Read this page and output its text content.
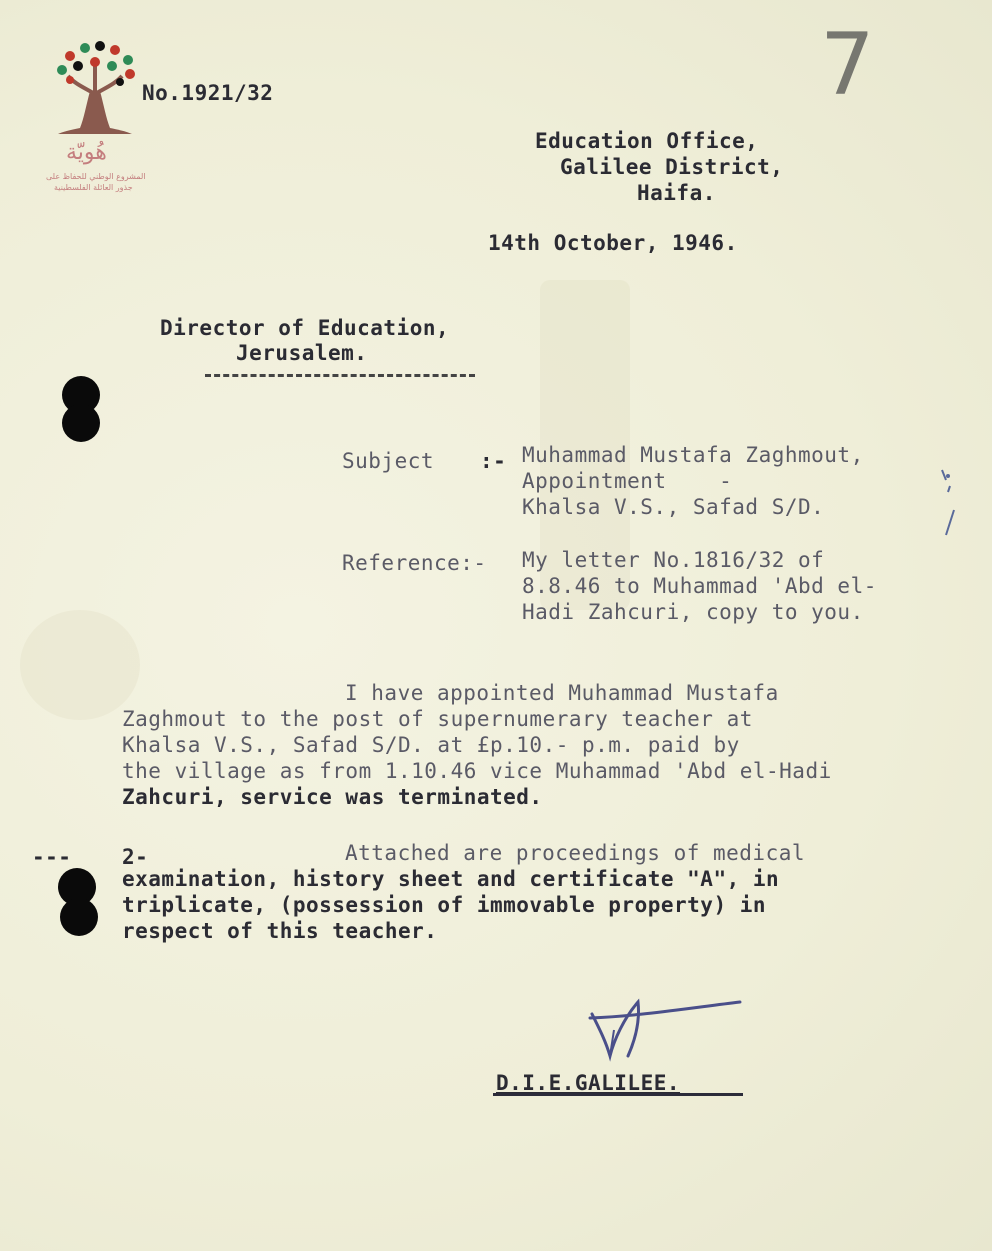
هُويّة
المشروع الوطني للحفاظ على
جذور العائلة الفلسطينية
7
No.1921/32
Education Office,
Galilee District,
Haifa.
14th October, 1946.
Director of Education,
Jerusalem.
Subject :- Muhammad Mustafa Zaghmout,
Appointment    -
Khalsa V.S., Safad S/D.
Reference:- My letter No.1816/32 of
8.8.46 to Muhammad 'Abd el-
Hadi Zahcuri, copy to you.
I have appointed Muhammad Mustafa
Zaghmout to the post of supernumerary teacher at
Khalsa V.S., Safad S/D. at £p.10.- p.m. paid by
the village as from 1.10.46 vice Muhammad 'Abd el-Hadi
Zahcuri, service was terminated.
--- 2-	Attached are proceedings of medical
examination, history sheet and certificate "A", in
triplicate, (possession of immovable property) in
respect of this teacher.
D.I.E.GALILEE.
